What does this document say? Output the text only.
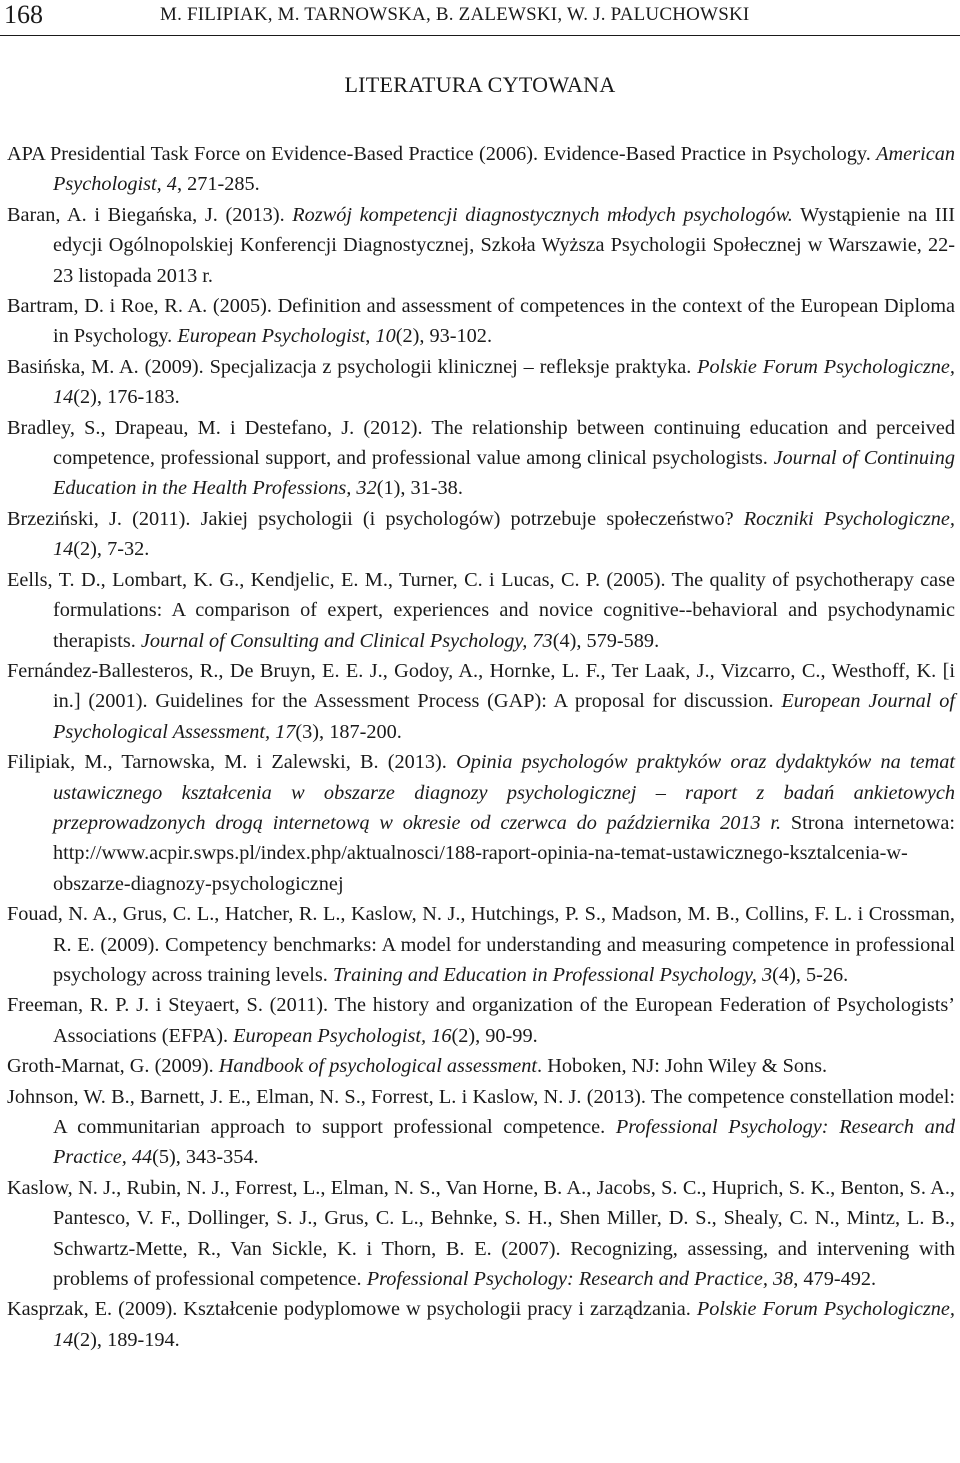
168	M. FILIPIAK, M. TARNOWSKA, B. ZALEWSKI, W. J. PALUCHOWSKI
LITERATURA CYTOWANA

APA Presidential Task Force on Evidence-Based Practice (2006). Evidence-Based Practice in Psychology. American Psychologist, 4, 271-285.

Baran, A. i Biegańska, J. (2013). Rozwój kompetencji diagnostycznych młodych psychologów. Wystąpienie na III edycji Ogólnopolskiej Konferencji Diagnostycznej, Szkoła Wyższa Psychologii Społecznej w Warszawie, 22-23 listopada 2013 r.

Bartram, D. i Roe, R. A. (2005). Definition and assessment of competences in the context of the European Diploma in Psychology. European Psychologist, 10(2), 93-102.

Basińska, M. A. (2009). Specjalizacja z psychologii klinicznej – refleksje praktyka. Polskie Forum Psychologiczne, 14(2), 176-183.

Bradley, S., Drapeau, M. i Destefano, J. (2012). The relationship between continuing education and perceived competence, professional support, and professional value among clinical psychologists. Journal of Continuing Education in the Health Professions, 32(1), 31-38.

Brzeziński, J. (2011). Jakiej psychologii (i psychologów) potrzebuje społeczeństwo? Roczniki Psychologiczne, 14(2), 7-32.

Eells, T. D., Lombart, K. G., Kendjelic, E. M., Turner, C. i Lucas, C. P. (2005). The quality of psychotherapy case formulations: A comparison of expert, experiences and novice cognitive--behavioral and psychodynamic therapists. Journal of Consulting and Clinical Psychology, 73(4), 579-589.

Fernández-Ballesteros, R., De Bruyn, E. E. J., Godoy, A., Hornke, L. F., Ter Laak, J., Vizcarro, C., Westhoff, K. [i in.] (2001). Guidelines for the Assessment Process (GAP): A proposal for discussion. European Journal of Psychological Assessment, 17(3), 187-200.

Filipiak, M., Tarnowska, M. i Zalewski, B. (2013). Opinia psychologów praktyków oraz dydaktyków na temat ustawicznego kształcenia w obszarze diagnozy psychologicznej – raport z badań ankietowych przeprowadzonych drogą internetową w okresie od czerwca do października 2013 r. Strona internetowa: http://www.acpir.swps.pl/index.php/aktualnosci/188-raport-opinia-na-temat-ustawicznego-ksztalcenia-w-obszarze-diagnozy-psychologicznej

Fouad, N. A., Grus, C. L., Hatcher, R. L., Kaslow, N. J., Hutchings, P. S., Madson, M. B., Collins, F. L. i Crossman, R. E. (2009). Competency benchmarks: A model for understanding and measuring competence in professional psychology across training levels. Training and Education in Professional Psychology, 3(4), 5-26.

Freeman, R. P. J. i Steyaert, S. (2011). The history and organization of the European Federation of Psychologists’ Associations (EFPA). European Psychologist, 16(2), 90-99.

Groth-Marnat, G. (2009). Handbook of psychological assessment. Hoboken, NJ: John Wiley & Sons.

Johnson, W. B., Barnett, J. E., Elman, N. S., Forrest, L. i Kaslow, N. J. (2013). The competence constellation model: A communitarian approach to support professional competence. Professional Psychology: Research and Practice, 44(5), 343-354.

Kaslow, N. J., Rubin, N. J., Forrest, L., Elman, N. S., Van Horne, B. A., Jacobs, S. C., Huprich, S. K., Benton, S. A., Pantesco, V. F., Dollinger, S. J., Grus, C. L., Behnke, S. H., Shen Miller, D. S., Shealy, C. N., Mintz, L. B., Schwartz-Mette, R., Van Sickle, K. i Thorn, B. E. (2007). Recognizing, assessing, and intervening with problems of professional competence. Professional Psychology: Research and Practice, 38, 479-492.

Kasprzak, E. (2009). Kształcenie podyplomowe w psychologii pracy i zarządzania. Polskie Forum Psychologiczne, 14(2), 189-194.
